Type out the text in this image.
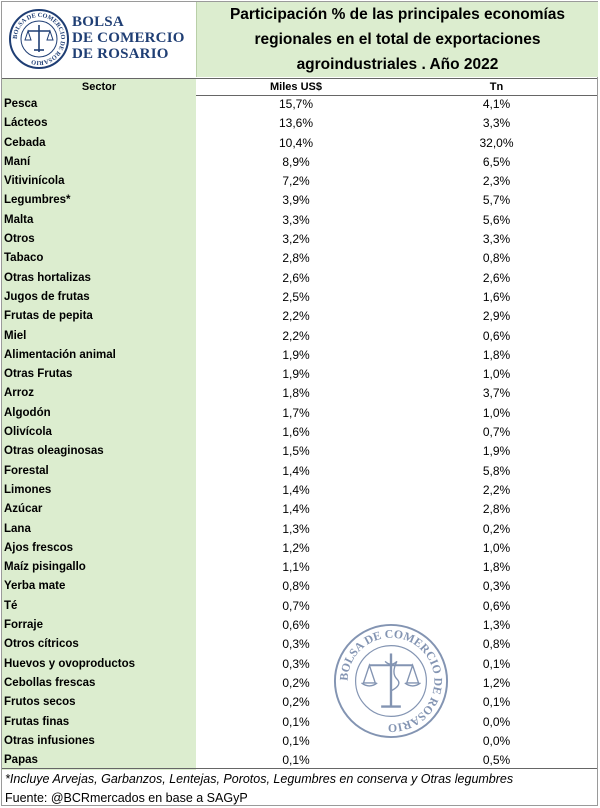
BOLSA DE COMERCIO DE ROSARIO
BOLSA
DE COMERCIO
DE ROSARIO
Participación % de las principales economías regionales en el total de exportaciones agroindustriales . Año 2022
Sector	Miles US$	Tn
Pesca	15,7%	4,1%
Lácteos	13,6%	3,3%
Cebada	10,4%	32,0%
Maní	8,9%	6,5%
Vitivinícola	7,2%	2,3%
Legumbres*	3,9%	5,7%
Malta	3,3%	5,6%
Otros	3,2%	3,3%
Tabaco	2,8%	0,8%
Otras hortalizas	2,6%	2,6%
Jugos de frutas	2,5%	1,6%
Frutas de pepita	2,2%	2,9%
Miel	2,2%	0,6%
Alimentación animal	1,9%	1,8%
Otras Frutas	1,9%	1,0%
Arroz	1,8%	3,7%
Algodón	1,7%	1,0%
Olivícola	1,6%	0,7%
Otras oleaginosas	1,5%	1,9%
Forestal	1,4%	5,8%
Limones	1,4%	2,2%
Azúcar	1,4%	2,8%
Lana	1,3%	0,2%
Ajos frescos	1,2%	1,0%
Maíz pisingallo	1,1%	1,8%
Yerba mate	0,8%	0,3%
Té	0,7%	0,6%
Forraje	0,6%	1,3%
Otros cítricos	0,3%	0,8%
Huevos y ovoproductos	0,3%	0,1%
Cebollas frescas	0,2%	1,2%
Frutos secos	0,2%	0,1%
Frutas finas	0,1%	0,0%
Otras infusiones	0,1%	0,0%
Papas	0,1%	0,5%
BOLSA DE COMERCIO DE ROSARIO
*Incluye Arvejas, Garbanzos, Lentejas, Porotos, Legumbres en conserva y Otras legumbres
Fuente: @BCRmercados en base a SAGyP
